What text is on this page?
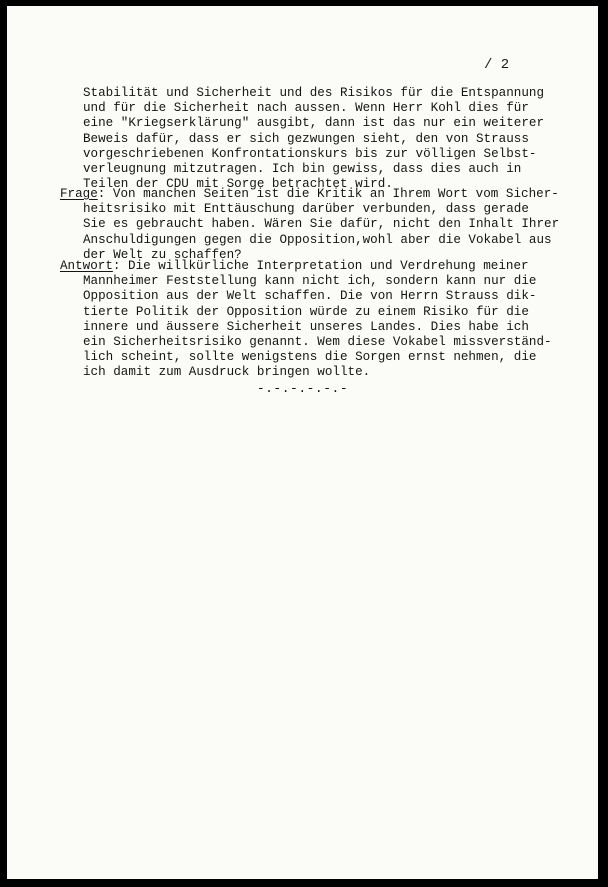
/ 2
Stabilität und Sicherheit und des Risikos für die Entspannung
und für die Sicherheit nach aussen. Wenn Herr Kohl dies für
eine "Kriegserklärung" ausgibt, dann ist das nur ein weiterer
Beweis dafür, dass er sich gezwungen sieht, den von Strauss
vorgeschriebenen Konfrontationskurs bis zur völligen Selbst-
verleugnung mitzutragen. Ich bin gewiss, dass dies auch in
Teilen der CDU mit Sorge betrachtet wird.
Frage: Von manchen Seiten ist die Kritik an Ihrem Wort vom Sicher-
heitsrisiko mit Enttäuschung darüber verbunden, dass gerade
Sie es gebraucht haben. Wären Sie dafür, nicht den Inhalt Ihrer
Anschuldigungen gegen die Opposition,wohl aber die Vokabel aus
der Welt zu schaffen?
Antwort: Die willkürliche Interpretation und Verdrehung meiner
Mannheimer Feststellung kann nicht ich, sondern kann nur die
Opposition aus der Welt schaffen. Die von Herrn Strauss dik-
tierte Politik der Opposition würde zu einem Risiko für die
innere und äussere Sicherheit unseres Landes. Dies habe ich
ein Sicherheitsrisiko genannt. Wem diese Vokabel missverständ-
lich scheint, sollte wenigstens die Sorgen ernst nehmen, die
ich damit zum Ausdruck bringen wollte.
-.-.-.-.-.-
